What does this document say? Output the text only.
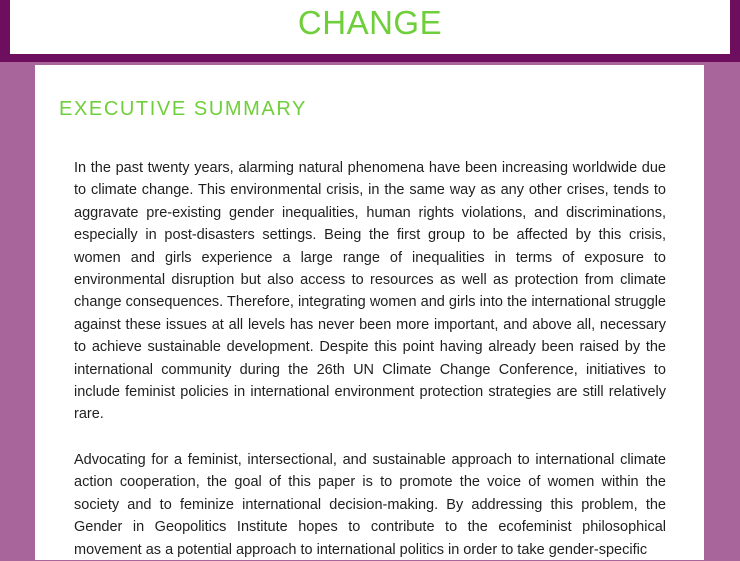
CHANGE
EXECUTIVE SUMMARY

In the past twenty years, alarming natural phenomena have been increasing worldwide due to climate change. This environmental crisis, in the same way as any other crises, tends to aggravate pre-existing gender inequalities, human rights violations, and discriminations, especially in post-disasters settings. Being the first group to be affected by this crisis, women and girls experience a large range of inequalities in terms of exposure to environmental disruption but also access to resources as well as protection from climate change consequences. Therefore, integrating women and girls into the international struggle against these issues at all levels has never been more important, and above all, necessary to achieve sustainable development. Despite this point having already been raised by the international community during the 26th UN Climate Change Conference, initiatives to include feminist policies in international environment protection strategies are still relatively rare.

Advocating for a feminist, intersectional, and sustainable approach to international climate action cooperation, the goal of this paper is to promote the voice of women within the society and to feminize international decision-making. By addressing this problem, the Gender in Geopolitics Institute hopes to contribute to the ecofeminist philosophical movement as a potential approach to international politics in order to take gender-specific
